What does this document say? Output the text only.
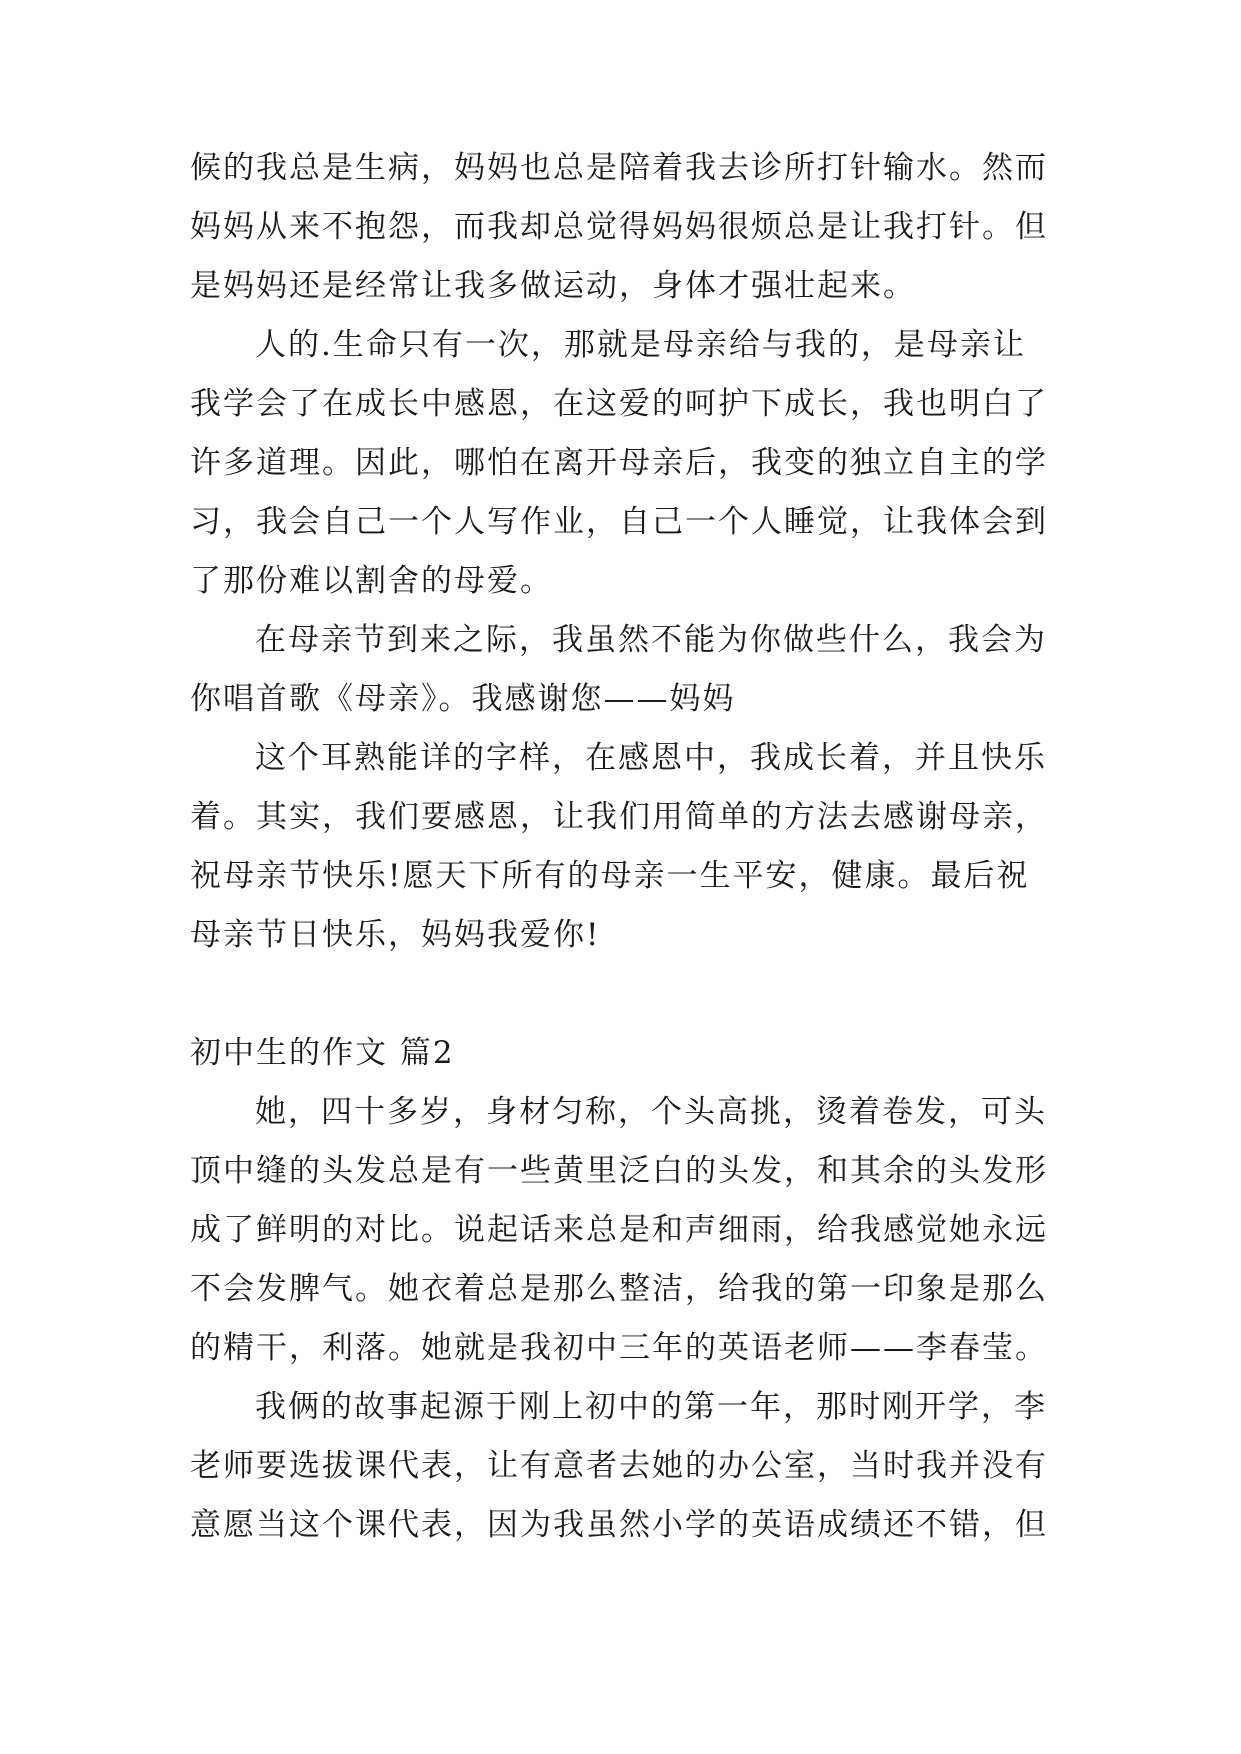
候的我总是生病，妈妈也总是陪着我去诊所打针输水。然而
妈妈从来不抱怨，而我却总觉得妈妈很烦总是让我打针。但
是妈妈还是经常让我多做运动，身体才强壮起来。
人的.生命只有一次，那就是母亲给与我的，是母亲让
我学会了在成长中感恩，在这爱的呵护下成长，我也明白了
许多道理。因此，哪怕在离开母亲后，我变的独立自主的学
习，我会自己一个人写作业，自己一个人睡觉，让我体会到
了那份难以割舍的母爱。
在母亲节到来之际，我虽然不能为你做些什么，我会为
你唱首歌《母亲》。我感谢您——妈妈
这个耳熟能详的字样，在感恩中，我成长着，并且快乐
着。其实，我们要感恩，让我们用简单的方法去感谢母亲，
祝母亲节快乐!愿天下所有的母亲一生平安，健康。最后祝
母亲节日快乐，妈妈我爱你!
初中生的作文 篇2
她，四十多岁，身材匀称，个头高挑，烫着卷发，可头
顶中缝的头发总是有一些黄里泛白的头发，和其余的头发形
成了鲜明的对比。说起话来总是和声细雨，给我感觉她永远
不会发脾气。她衣着总是那么整洁，给我的第一印象是那么
的精干，利落。她就是我初中三年的英语老师——李春莹。
我俩的故事起源于刚上初中的第一年，那时刚开学，李
老师要选拔课代表，让有意者去她的办公室，当时我并没有
意愿当这个课代表，因为我虽然小学的英语成绩还不错，但
